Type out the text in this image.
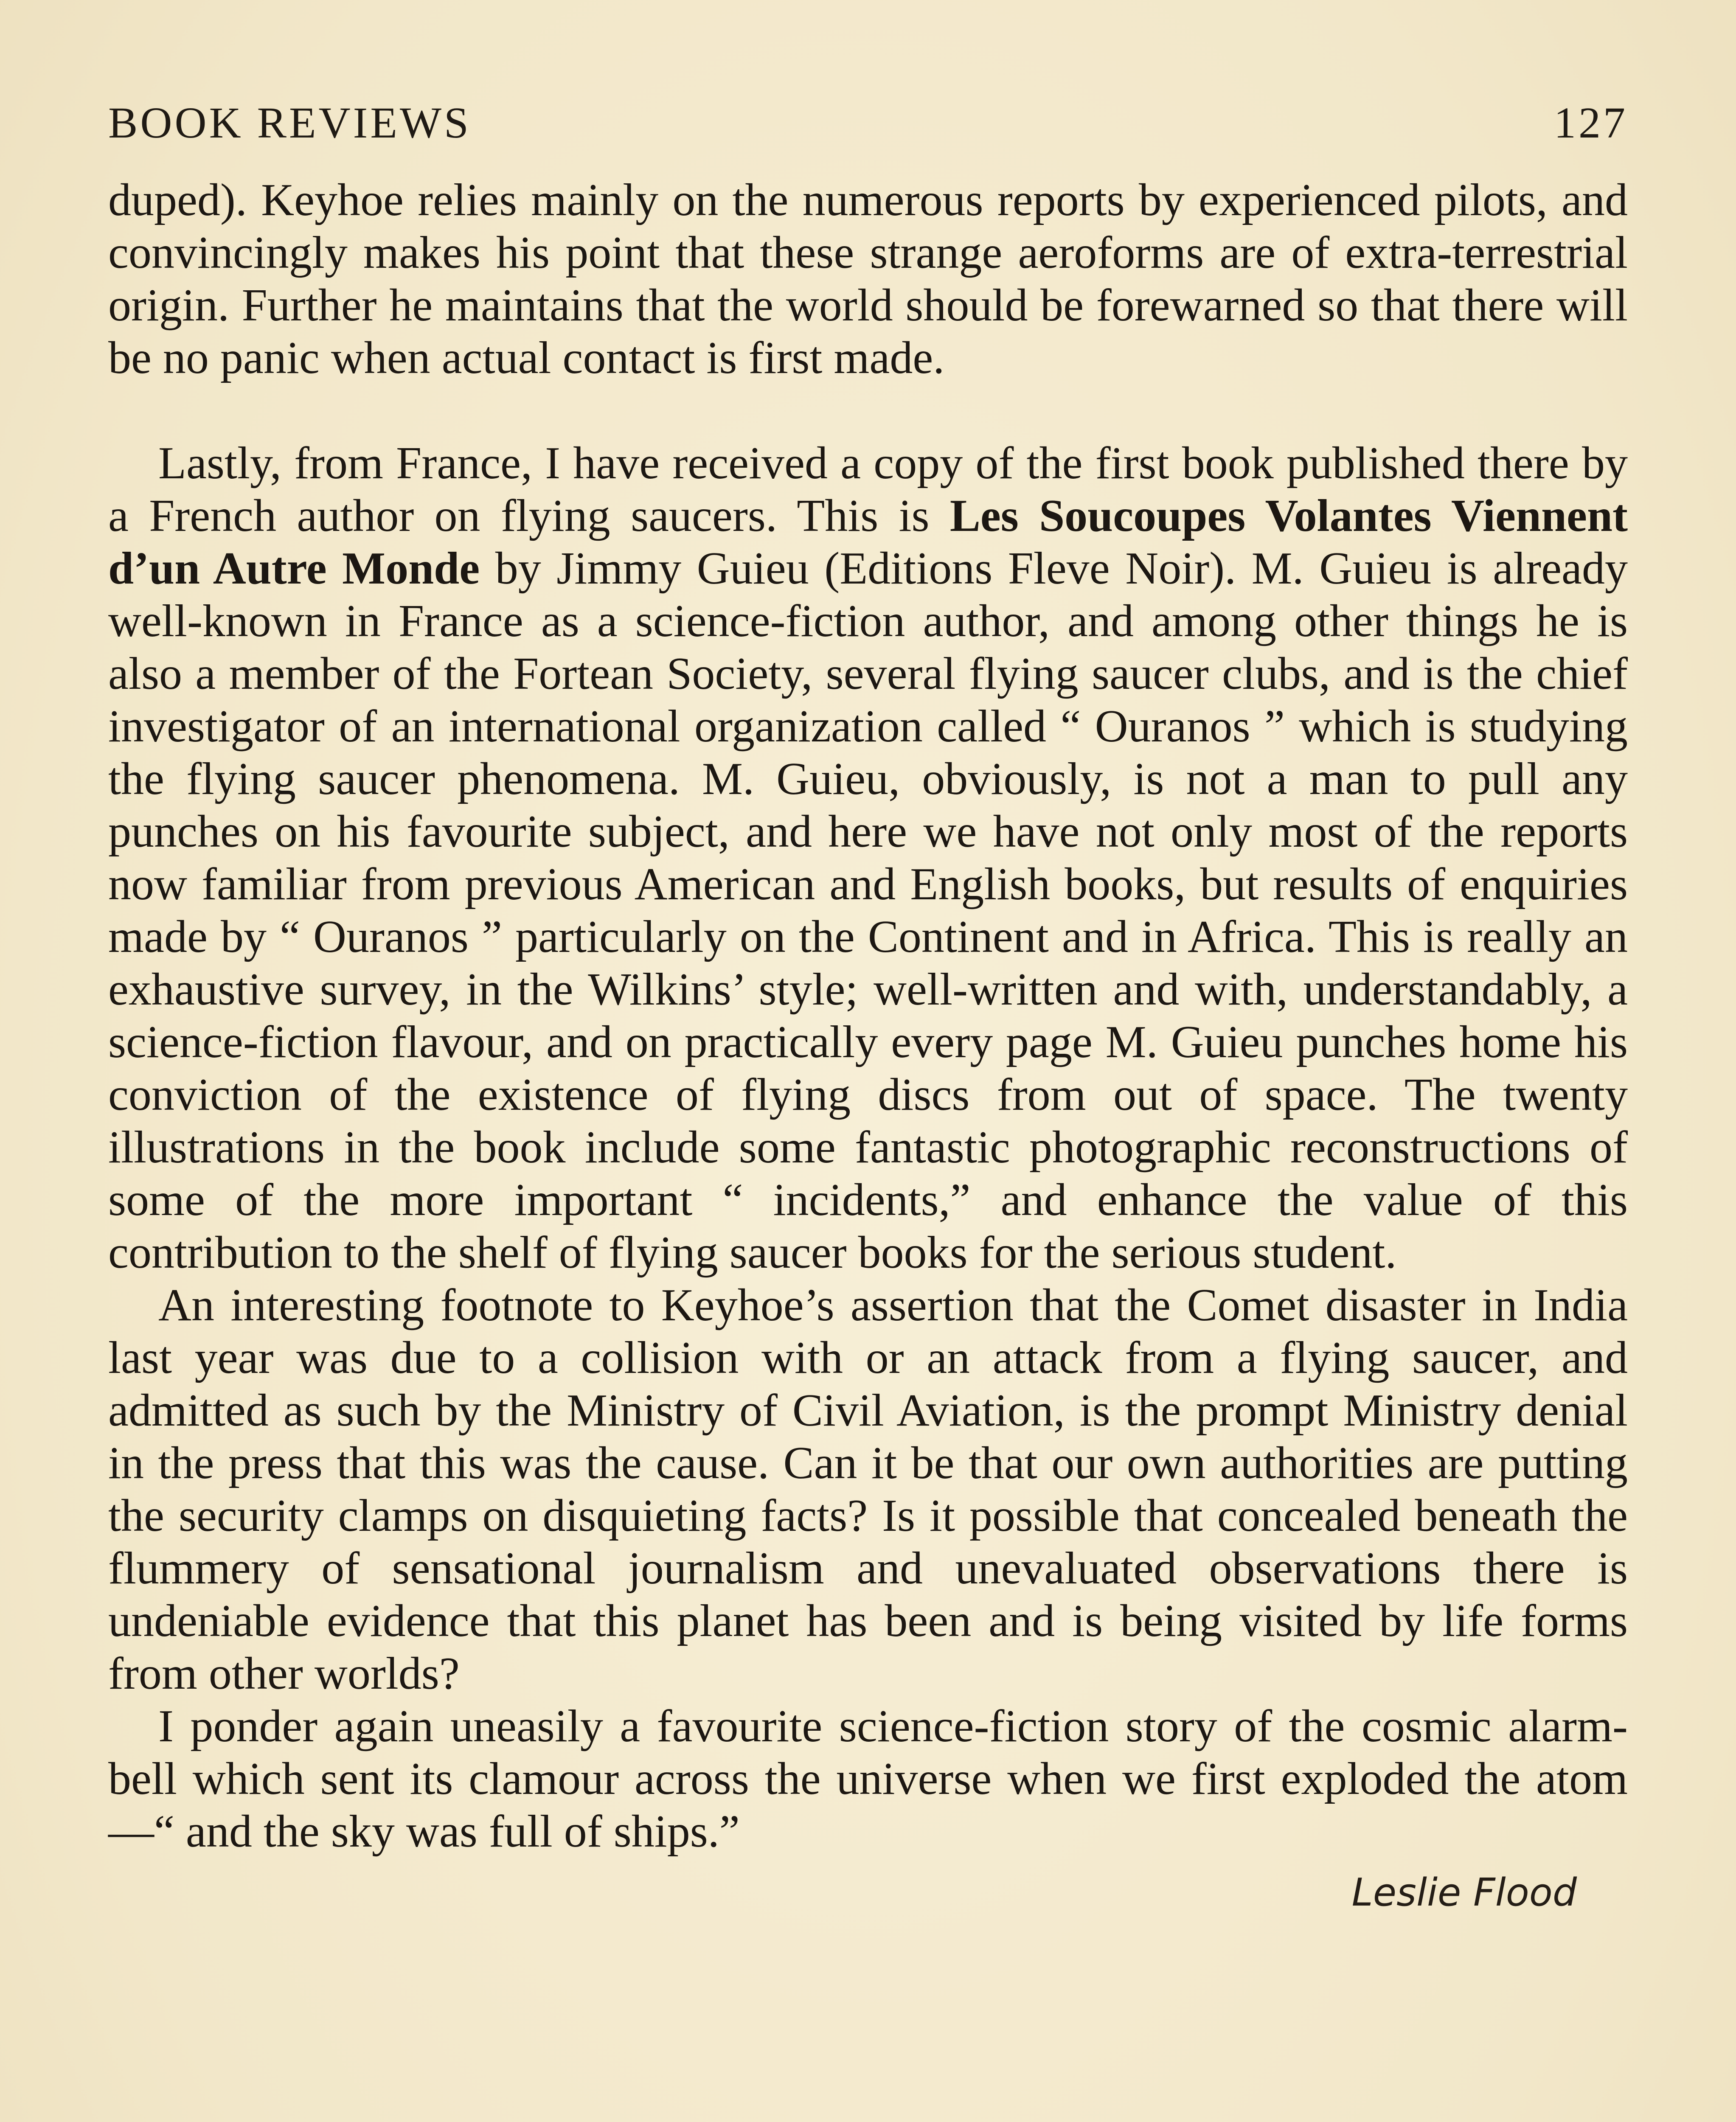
BOOK REVIEWS	127

duped). Keyhoe relies mainly on the numerous reports by experienced pilots, and convincingly makes his point that these strange aeroforms are of extra-terrestrial origin. Further he maintains that the world should be forewarned so that there will be no panic when actual contact is first made.

Lastly, from France, I have received a copy of the first book published there by a French author on flying saucers. This is Les Soucoupes Volantes Viennent d’un Autre Monde by Jimmy Guieu (Editions Fleve Noir). M. Guieu is already well-known in France as a science-fiction author, and among other things he is also a member of the Fortean Society, several flying saucer clubs, and is the chief investigator of an international organization called “ Ouranos ” which is studying the flying saucer phenomena. M. Guieu, obviously, is not a man to pull any punches on his favourite subject, and here we have not only most of the reports now familiar from previous American and English books, but results of enquiries made by “ Ouranos ” particularly on the Continent and in Africa. This is really an exhaustive survey, in the Wilkins’ style; well-written and with, understandably, a science-fiction flavour, and on practically every page M. Guieu punches home his conviction of the existence of flying discs from out of space. The twenty illustrations in the book include some fantastic photographic reconstructions of some of the more important “ incidents,” and enhance the value of this contribution to the shelf of flying saucer books for the serious student.

An interesting footnote to Keyhoe’s assertion that the Comet disaster in India last year was due to a collision with or an attack from a flying saucer, and admitted as such by the Ministry of Civil Aviation, is the prompt Ministry denial in the press that this was the cause. Can it be that our own authorities are putting the security clamps on disquieting facts? Is it possible that concealed beneath the flummery of sensational journalism and unevaluated observations there is undeniable evidence that this planet has been and is being visited by life forms from other worlds?

I ponder again uneasily a favourite science-fiction story of the cosmic alarm-bell which sent its clamour across the universe when we first exploded the atom—“ and the sky was full of ships.”

Leslie Flood
